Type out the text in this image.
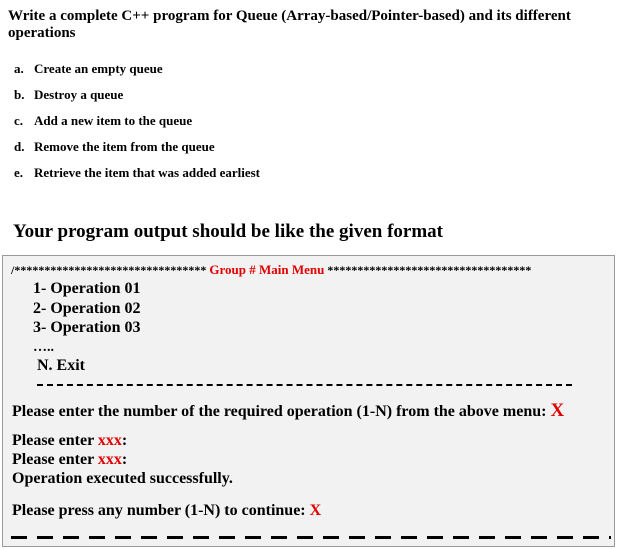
Write a complete C++ program for Queue (Array-based/Pointer-based) and its different operations
a. Create an empty queue
b. Destroy a queue
c. Add a new item to the queue
d. Remove the item from the queue
e. Retrieve the item that was added earliest
Your program output should be like the given format
/******************************** Group # Main Menu **********************************
1- Operation 01
2- Operation 02
3- Operation 03
…..
N. Exit
Please enter the number of the required operation (1-N) from the above menu: X
Please enter xxx:
Please enter xxx:
Operation executed successfully.
Please press any number (1-N) to continue: X
